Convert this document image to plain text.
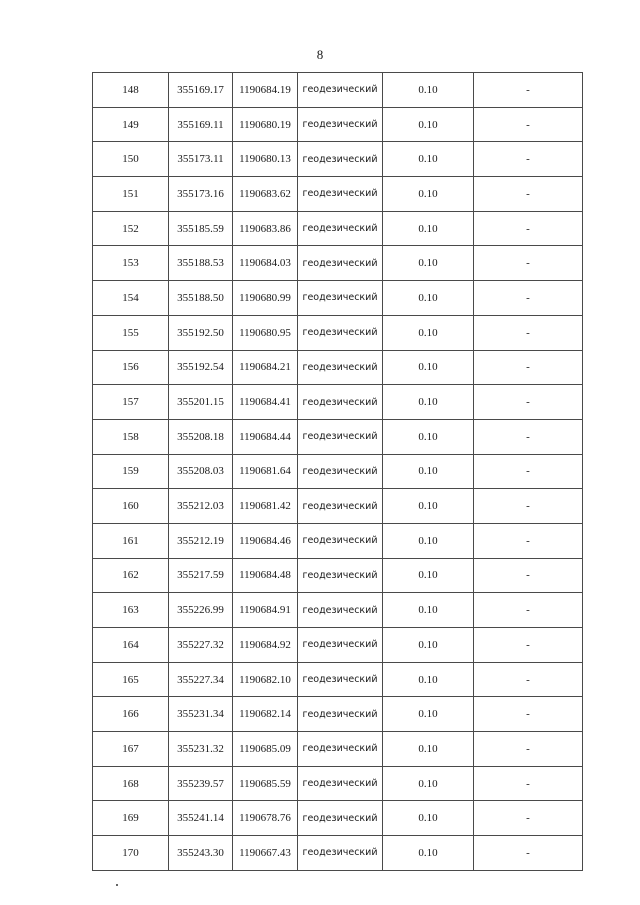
8
148	355169.17	1190684.19	геодезический	0.10	-
149	355169.11	1190680.19	геодезический	0.10	-
150	355173.11	1190680.13	геодезический	0.10	-
151	355173.16	1190683.62	геодезический	0.10	-
152	355185.59	1190683.86	геодезический	0.10	-
153	355188.53	1190684.03	геодезический	0.10	-
154	355188.50	1190680.99	геодезический	0.10	-
155	355192.50	1190680.95	геодезический	0.10	-
156	355192.54	1190684.21	геодезический	0.10	-
157	355201.15	1190684.41	геодезический	0.10	-
158	355208.18	1190684.44	геодезический	0.10	-
159	355208.03	1190681.64	геодезический	0.10	-
160	355212.03	1190681.42	геодезический	0.10	-
161	355212.19	1190684.46	геодезический	0.10	-
162	355217.59	1190684.48	геодезический	0.10	-
163	355226.99	1190684.91	геодезический	0.10	-
164	355227.32	1190684.92	геодезический	0.10	-
165	355227.34	1190682.10	геодезический	0.10	-
166	355231.34	1190682.14	геодезический	0.10	-
167	355231.32	1190685.09	геодезический	0.10	-
168	355239.57	1190685.59	геодезический	0.10	-
169	355241.14	1190678.76	геодезический	0.10	-
170	355243.30	1190667.43	геодезический	0.10	-
